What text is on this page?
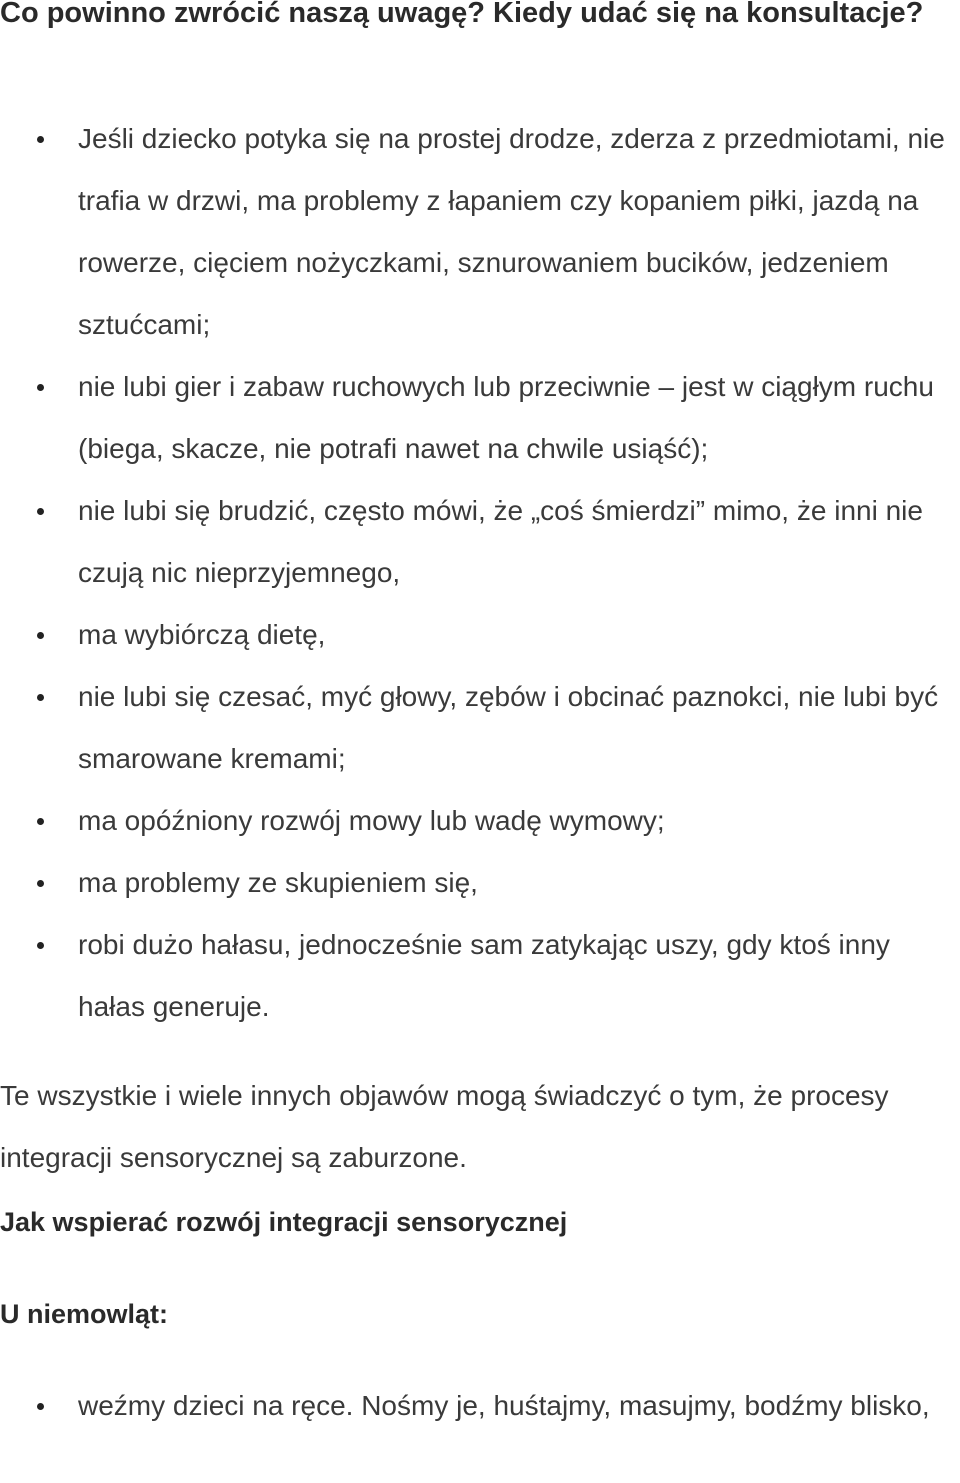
Co powinno zwrócić naszą uwagę? Kiedy udać się na konsultacje?
Jeśli dziecko potyka się na prostej drodze, zderza z przedmiotami, nie trafia w drzwi, ma problemy z łapaniem czy kopaniem piłki, jazdą na rowerze, cięciem nożyczkami, sznurowaniem bucików, jedzeniem sztućcami;
nie lubi gier i zabaw ruchowych lub przeciwnie – jest w ciągłym ruchu (biega, skacze, nie potrafi nawet na chwile usiąść);
nie lubi się brudzić, często mówi, że „coś śmierdzi” mimo, że inni nie czują nic nieprzyjemnego,
ma wybiórczą dietę,
nie lubi się czesać, myć głowy, zębów i obcinać paznokci, nie lubi być smarowane kremami;
ma opóźniony rozwój mowy lub wadę wymowy;
ma problemy ze skupieniem się,
robi dużo hałasu, jednocześnie sam zatykając uszy, gdy ktoś inny hałas generuje.

Te wszystkie i wiele innych objawów mogą świadczyć o tym, że procesy integracji sensorycznej są zaburzone.

Jak wspierać rozwój integracji sensorycznej
U niemowląt:
weźmy dzieci na ręce. Nośmy je, huśtajmy, masujmy, bodźmy blisko,
